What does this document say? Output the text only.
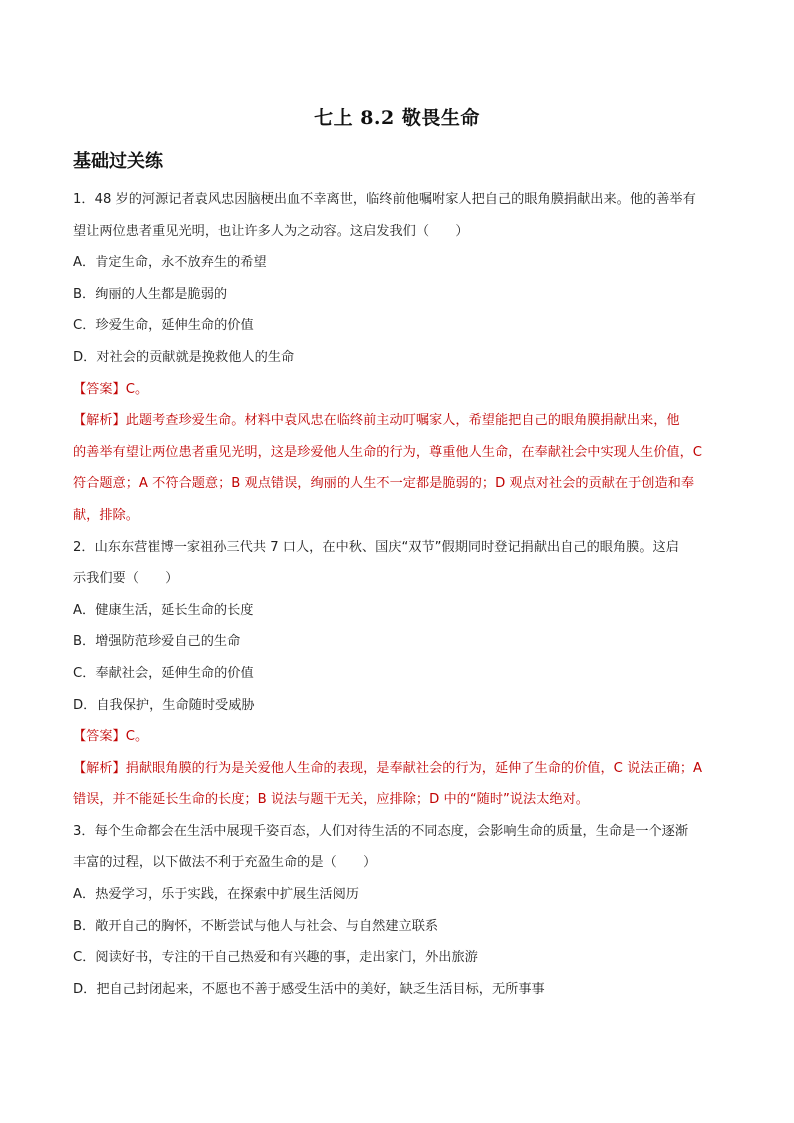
七上 8.2 敬畏生命
基础过关练
1．48 岁的河源记者袁风忠因脑梗出血不幸离世，临终前他嘱咐家人把自己的眼角膜捐献出来。他的善举有
望让两位患者重见光明，也让许多人为之动容。这启发我们（　　）
A．肯定生命，永不放弃生的希望
B．绚丽的人生都是脆弱的
C．珍爱生命，延伸生命的价值
D．对社会的贡献就是挽救他人的生命
【答案】C。
【解析】此题考查珍爱生命。材料中袁风忠在临终前主动叮嘱家人，希望能把自己的眼角膜捐献出来，他
的善举有望让两位患者重见光明，这是珍爱他人生命的行为，尊重他人生命，在奉献社会中实现人生价值，C
符合题意；A 不符合题意；B 观点错误，绚丽的人生不一定都是脆弱的；D 观点对社会的贡献在于创造和奉
献，排除。
2．山东东营崔博一家祖孙三代共 7 口人，在中秋、国庆“双节”假期同时登记捐献出自己的眼角膜。这启
示我们要（　　）
A．健康生活，延长生命的长度
B．增强防范珍爱自己的生命
C．奉献社会，延伸生命的价值
D．自我保护，生命随时受威胁
【答案】C。
【解析】捐献眼角膜的行为是关爱他人生命的表现，是奉献社会的行为，延伸了生命的价值，C 说法正确；A
错误，并不能延长生命的长度；B 说法与题干无关，应排除；D 中的“随时”说法太绝对。
3．每个生命都会在生活中展现千姿百态，人们对待生活的不同态度，会影响生命的质量，生命是一个逐渐
丰富的过程，以下做法不利于充盈生命的是（　　）
A．热爱学习，乐于实践，在探索中扩展生活阅历
B．敞开自己的胸怀，不断尝试与他人与社会、与自然建立联系
C．阅读好书，专注的干自己热爱和有兴趣的事，走出家门，外出旅游
D．把自己封闭起来，不愿也不善于感受生活中的美好，缺乏生活目标，无所事事
